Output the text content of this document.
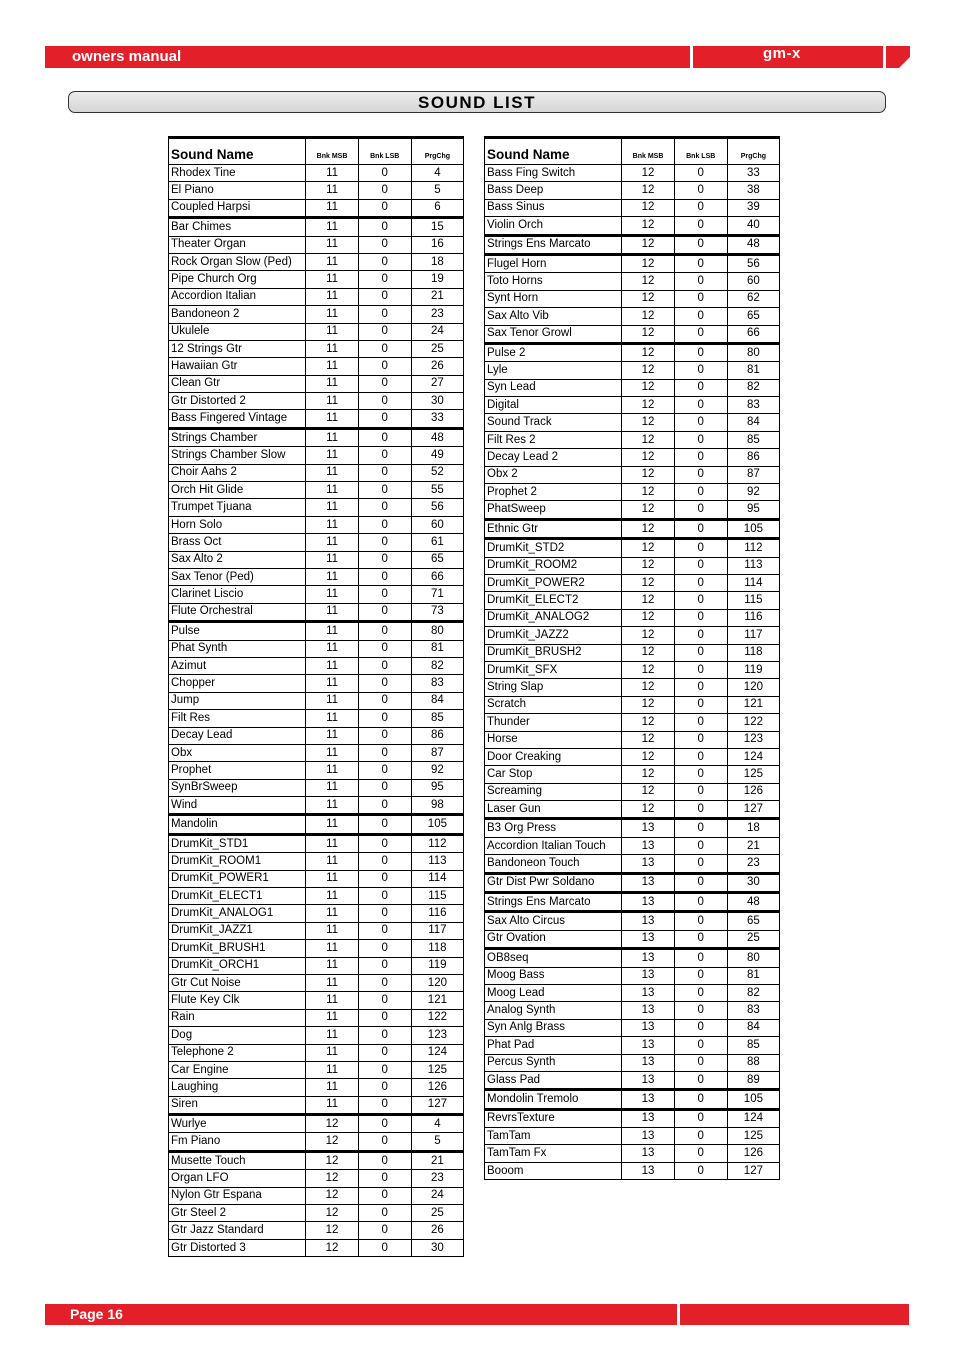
owners manual	gm-x
SOUND LIST
Sound Name	Bnk MSB	Bnk LSB	PrgChg
Rhodex Tine	11	0	4
El Piano	11	0	5
Coupled Harpsi	11	0	6
Bar Chimes	11	0	15
Theater Organ	11	0	16
Rock Organ Slow (Ped)	11	0	18
Pipe Church Org	11	0	19
Accordion Italian	11	0	21
Bandoneon 2	11	0	23
Ukulele	11	0	24
12 Strings Gtr	11	0	25
Hawaiian Gtr	11	0	26
Clean Gtr	11	0	27
Gtr Distorted 2	11	0	30
Bass Fingered Vintage	11	0	33
Strings Chamber	11	0	48
Strings Chamber Slow	11	0	49
Choir Aahs 2	11	0	52
Orch Hit Glide	11	0	55
Trumpet Tjuana	11	0	56
Horn Solo	11	0	60
Brass Oct	11	0	61
Sax Alto 2	11	0	65
Sax Tenor (Ped)	11	0	66
Clarinet Liscio	11	0	71
Flute Orchestral	11	0	73
Pulse	11	0	80
Phat Synth	11	0	81
Azimut	11	0	82
Chopper	11	0	83
Jump	11	0	84
Filt Res	11	0	85
Decay Lead	11	0	86
Obx	11	0	87
Prophet	11	0	92
SynBrSweep	11	0	95
Wind	11	0	98
Mandolin	11	0	105
DrumKit_STD1	11	0	112
DrumKit_ROOM1	11	0	113
DrumKit_POWER1	11	0	114
DrumKit_ELECT1	11	0	115
DrumKit_ANALOG1	11	0	116
DrumKit_JAZZ1	11	0	117
DrumKit_BRUSH1	11	0	118
DrumKit_ORCH1	11	0	119
Gtr Cut Noise	11	0	120
Flute Key Clk	11	0	121
Rain	11	0	122
Dog	11	0	123
Telephone 2	11	0	124
Car Engine	11	0	125
Laughing	11	0	126
Siren	11	0	127
Wurlye	12	0	4
Fm Piano	12	0	5
Musette Touch	12	0	21
Organ LFO	12	0	23
Nylon Gtr Espana	12	0	24
Gtr Steel 2	12	0	25
Gtr Jazz Standard	12	0	26
Gtr Distorted 3	12	0	30
Sound Name	Bnk MSB	Bnk LSB	PrgChg
Bass Fing Switch	12	0	33
Bass Deep	12	0	38
Bass Sinus	12	0	39
Violin Orch	12	0	40
Strings Ens Marcato	12	0	48
Flugel Horn	12	0	56
Toto Horns	12	0	60
Synt Horn	12	0	62
Sax Alto Vib	12	0	65
Sax Tenor Growl	12	0	66
Pulse 2	12	0	80
Lyle	12	0	81
Syn Lead	12	0	82
Digital	12	0	83
Sound Track	12	0	84
Filt Res 2	12	0	85
Decay Lead 2	12	0	86
Obx 2	12	0	87
Prophet 2	12	0	92
PhatSweep	12	0	95
Ethnic Gtr	12	0	105
DrumKit_STD2	12	0	112
DrumKit_ROOM2	12	0	113
DrumKit_POWER2	12	0	114
DrumKit_ELECT2	12	0	115
DrumKit_ANALOG2	12	0	116
DrumKit_JAZZ2	12	0	117
DrumKit_BRUSH2	12	0	118
DrumKit_SFX	12	0	119
String Slap	12	0	120
Scratch	12	0	121
Thunder	12	0	122
Horse	12	0	123
Door Creaking	12	0	124
Car Stop	12	0	125
Screaming	12	0	126
Laser Gun	12	0	127
B3 Org Press	13	0	18
Accordion Italian Touch	13	0	21
Bandoneon Touch	13	0	23
Gtr Dist Pwr Soldano	13	0	30
Strings Ens Marcato	13	0	48
Sax Alto Circus	13	0	65
Gtr Ovation	13	0	25
OB8seq	13	0	80
Moog Bass	13	0	81
Moog Lead	13	0	82
Analog Synth	13	0	83
Syn Anlg Brass	13	0	84
Phat Pad	13	0	85
Percus Synth	13	0	88
Glass Pad	13	0	89
Mondolin Tremolo	13	0	105
RevrsTexture	13	0	124
TamTam	13	0	125
TamTam Fx	13	0	126
Booom	13	0	127
Page 16
